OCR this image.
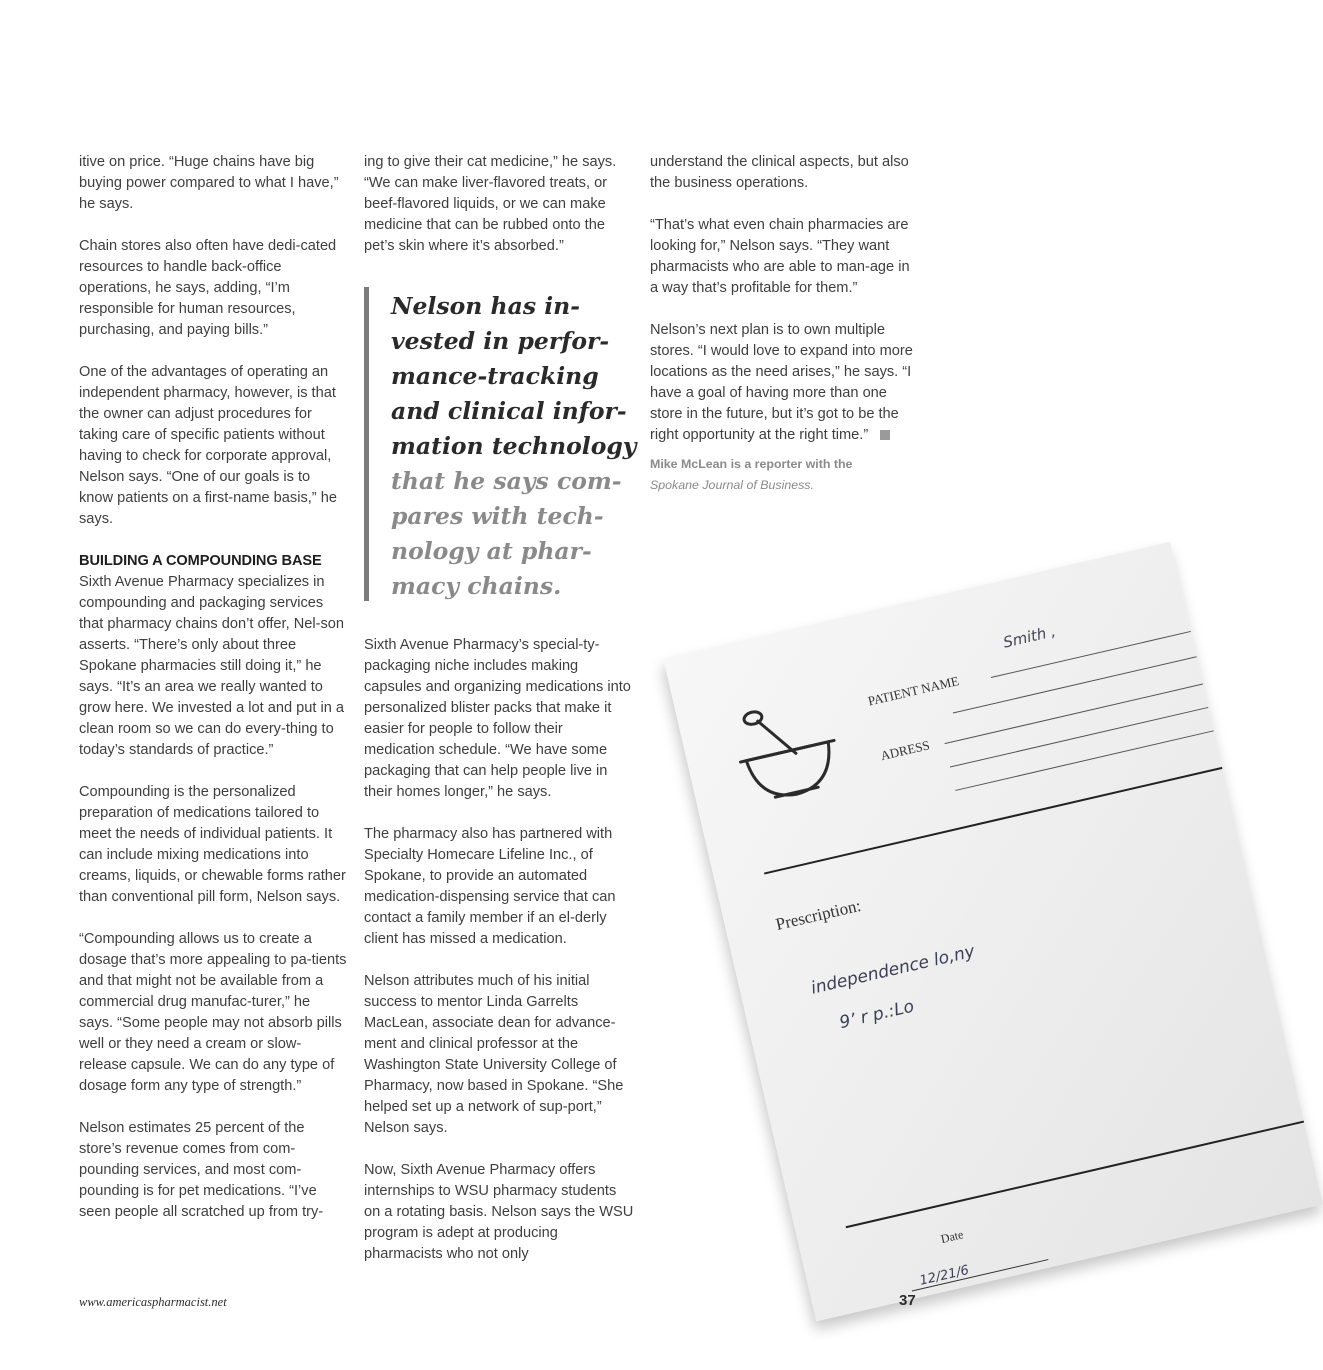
itive on price. “Huge chains have big buying power compared to what I have,” he says.

Chain stores also often have dedi-cated resources to handle back-office operations, he says, adding, “I’m responsible for human resources, purchasing, and paying bills.”

One of the advantages of operating an independent pharmacy, however, is that the owner can adjust procedures for taking care of specific patients without having to check for corporate approval, Nelson says. “One of our goals is to know patients on a first-name basis,” he says.

BUILDING A COMPOUNDING BASE

Sixth Avenue Pharmacy specializes in compounding and packaging services that pharmacy chains don’t offer, Nel-son asserts. “There’s only about three Spokane pharmacies still doing it,” he says. “It’s an area we really wanted to grow here. We invested a lot and put in a clean room so we can do every-thing to today’s standards of practice.”

Compounding is the personalized preparation of medications tailored to meet the needs of individual patients. It can include mixing medications into creams, liquids, or chewable forms rather than conventional pill form, Nelson says.

“Compounding allows us to create a dosage that’s more appealing to pa-tients and that might not be available from a commercial drug manufac-turer,” he says. “Some people may not absorb pills well or they need a cream or slow-release capsule. We can do any type of dosage form any type of strength.”

Nelson estimates 25 percent of the store’s revenue comes from com-pounding services, and most com-pounding is for pet medications. “I’ve seen people all scratched up from try-

ing to give their cat medicine,” he says. “We can make liver-flavored treats, or beef-flavored liquids, or we can make medicine that can be rubbed onto the pet’s skin where it’s absorbed.”

Nelson has in-
vested in perfor-
mance-tracking
and clinical infor-
mation technology
that he says com-
pares with tech-
nology at phar-
macy chains.

Sixth Avenue Pharmacy’s special-ty-packaging niche includes making capsules and organizing medications into personalized blister packs that make it easier for people to follow their medication schedule. “We have some packaging that can help people live in their homes longer,” he says.

The pharmacy also has partnered with Specialty Homecare Lifeline Inc., of Spokane, to provide an automated medication-dispensing service that can contact a family member if an el-derly client has missed a medication.

Nelson attributes much of his initial success to mentor Linda Garrelts MacLean, associate dean for advance-ment and clinical professor at the Washington State University College of Pharmacy, now based in Spokane. “She helped set up a network of sup-port,” Nelson says.

Now, Sixth Avenue Pharmacy offers internships to WSU pharmacy students on a rotating basis. Nelson says the WSU program is adept at producing pharmacists who not only

understand the clinical aspects, but also the business operations.

“That’s what even chain pharmacies are looking for,” Nelson says. “They want pharmacists who are able to man-age in a way that’s profitable for them.”

Nelson’s next plan is to own multiple stores. “I would love to expand into more locations as the need arises,” he says. “I have a goal of having more than one store in the future, but it’s got to be the right opportunity at the right time.”

Mike McLean is a reporter with the
Spokane Journal of Business.
PATIENT NAME
ADRESS
Prescription:
Smith ,
independence lo,ny
9’ r p.:Lo
Date
12/21/6
www.americaspharmacist.net	37
